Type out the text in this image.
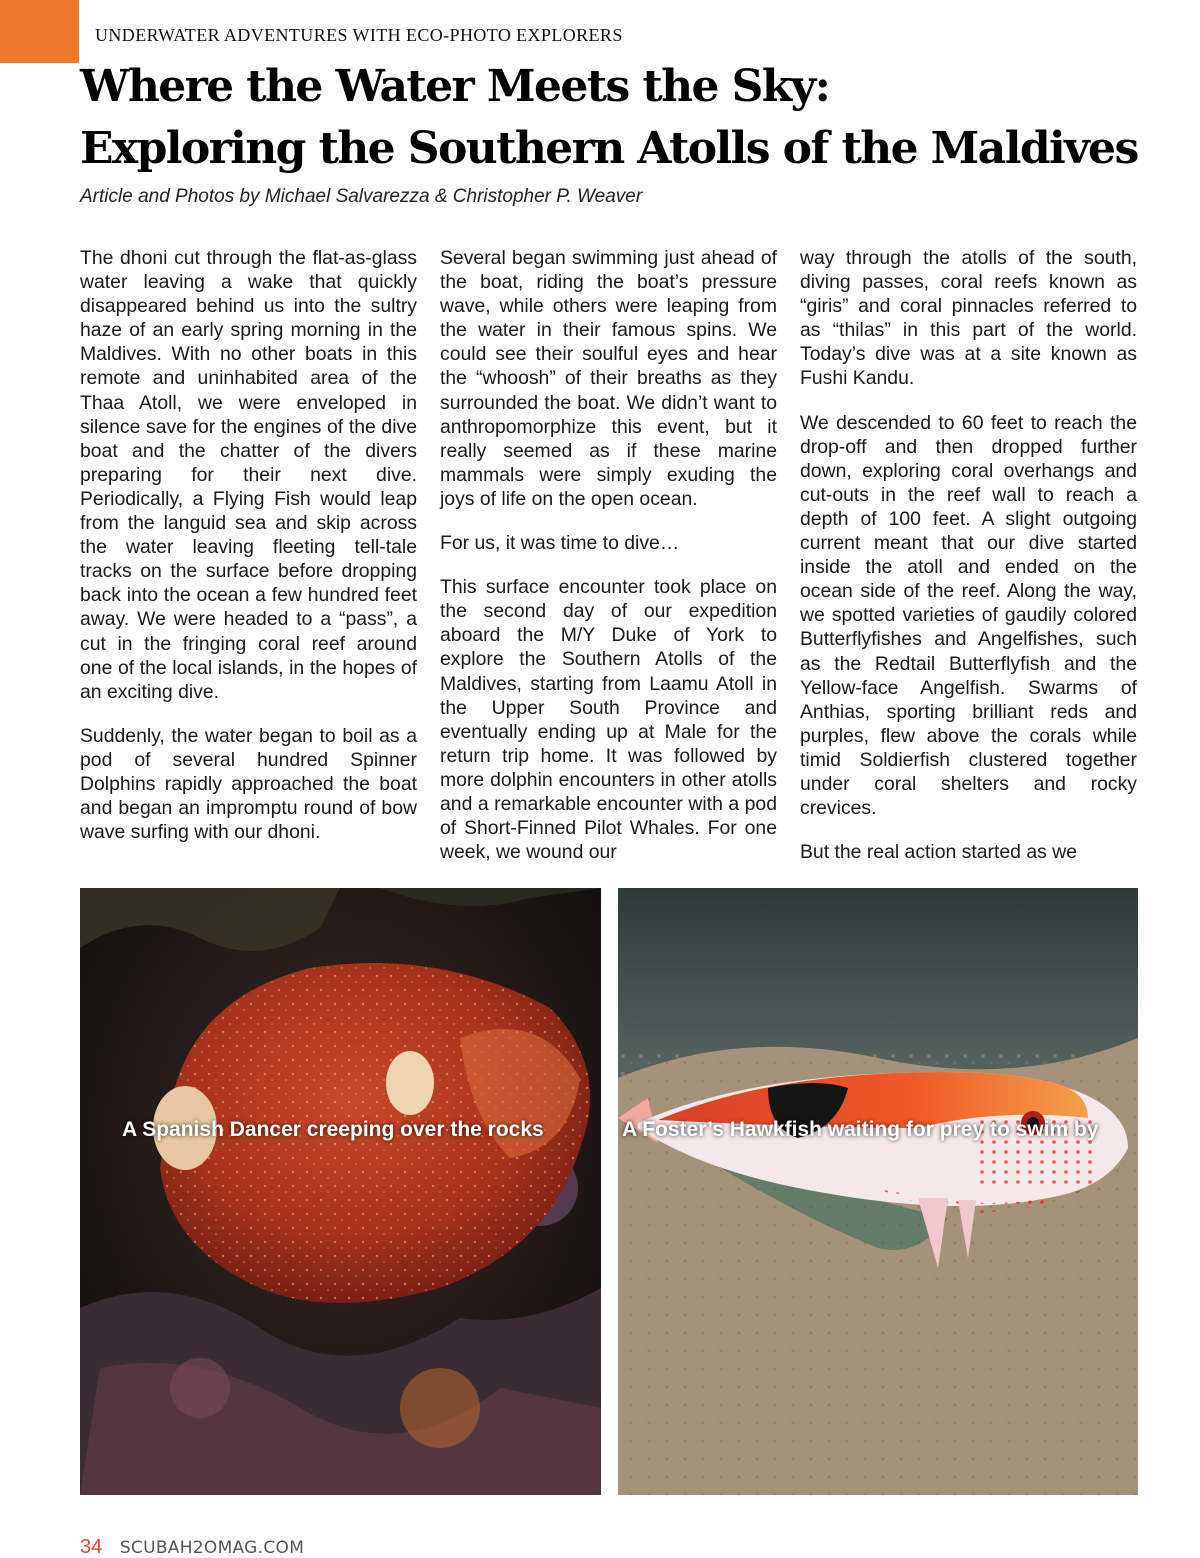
UNDERWATER ADVENTURES WITH ECO-PHOTO EXPLORERS
Where the Water Meets the Sky:
Exploring the Southern Atolls of the Maldives
Article and Photos by Michael Salvarezza & Christopher P. Weaver

The dhoni cut through the flat-as-glass water leaving a wake that quickly disappeared behind us into the sultry haze of an early spring morning in the Maldives. With no other boats in this remote and uninhabited area of the Thaa Atoll, we were enveloped in silence save for the engines of the dive boat and the chatter of the divers preparing for their next dive. Periodically, a Flying Fish would leap from the languid sea and skip across the water leaving fleeting tell-tale tracks on the surface before dropping back into the ocean a few hundred feet away. We were headed to a “pass”, a cut in the fringing coral reef around one of the local islands, in the hopes of an exciting dive.

Suddenly, the water began to boil as a pod of several hundred Spinner Dolphins rapidly approached the boat and began an impromptu round of bow wave surfing with our dhoni.

Several began swimming just ahead of the boat, riding the boat’s pressure wave, while others were leaping from the water in their famous spins. We could see their soulful eyes and hear the “whoosh” of their breaths as they surrounded the boat. We didn’t want to anthropomorphize this event, but it really seemed as if these marine mammals were simply exuding the joys of life on the open ocean.

For us, it was time to dive…

This surface encounter took place on the second day of our expedition aboard the M/Y Duke of York to explore the Southern Atolls of the Maldives, starting from Laamu Atoll in the Upper South Province and eventually ending up at Male for the return trip home. It was followed by more dolphin encounters in other atolls and a remarkable encounter with a pod of Short-Finned Pilot Whales. For one week, we wound our

way through the atolls of the south, diving passes, coral reefs known as “giris” and coral pinnacles referred to as “thilas” in this part of the world. Today’s dive was at a site known as Fushi Kandu.

We descended to 60 feet to reach the drop-off and then dropped further down, exploring coral overhangs and cut-outs in the reef wall to reach a depth of 100 feet. A slight outgoing current meant that our dive started inside the atoll and ended on the ocean side of the reef. Along the way, we spotted varieties of gaudily colored Butterflyfishes and Angelfishes, such as the Redtail Butterflyfish and the Yellow-face Angelfish. Swarms of Anthias, sporting brilliant reds and purples, flew above the corals while timid Soldierfish clustered together under coral shelters and rocky crevices.

But the real action started as we

A Spanish Dancer creeping over the rocks	A Foster’s Hawkfish waiting for prey to swim by
34 SCUBAH2OMAG.COM
